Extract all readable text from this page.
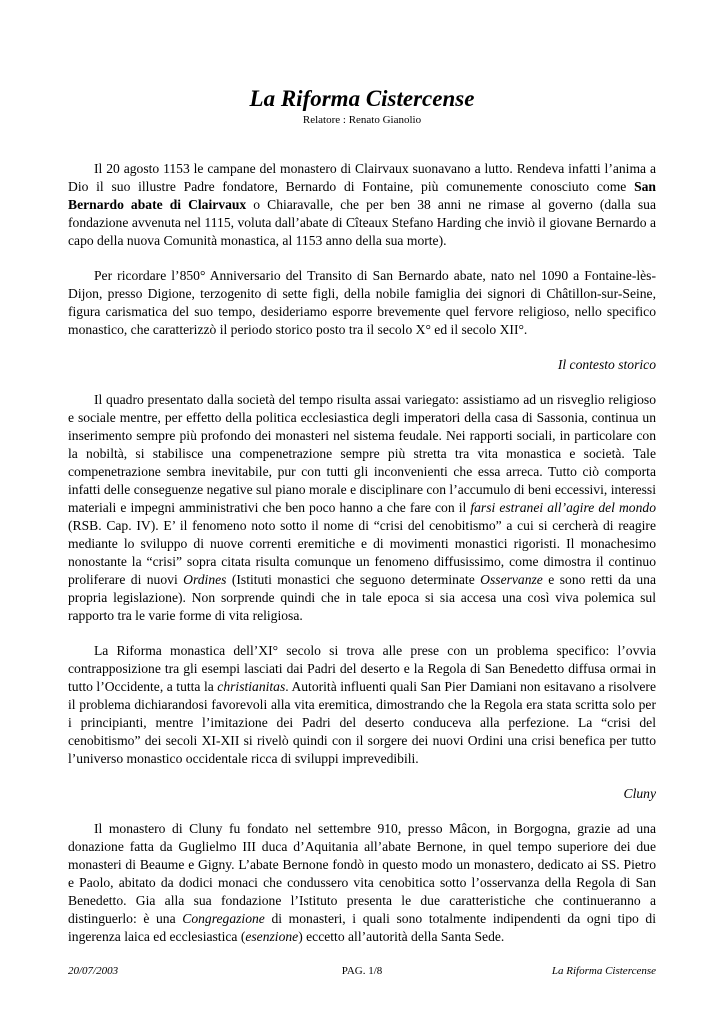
La Riforma Cistercense
Relatore : Renato Gianolio

Il 20 agosto 1153 le campane del monastero di Clairvaux suonavano a lutto. Rendeva infatti l’anima a Dio il suo illustre Padre fondatore, Bernardo di Fontaine, più comunemente conosciuto come San Bernardo abate di Clairvaux o Chiaravalle, che per ben 38 anni ne rimase al governo (dalla sua fondazione avvenuta nel 1115, voluta dall’abate di Cîteaux Stefano Harding che inviò il giovane Bernardo a capo della nuova Comunità monastica, al 1153 anno della sua morte).

Per ricordare l’850° Anniversario del Transito di San Bernardo abate, nato nel 1090 a Fontaine-lès-Dijon, presso Digione, terzogenito di sette figli, della nobile famiglia dei signori di Châtillon-sur-Seine, figura carismatica del suo tempo, desideriamo esporre brevemente quel fervore religioso, nello specifico monastico, che caratterizzò il periodo storico posto tra il secolo X° ed il secolo XII°.

Il contesto storico

Il quadro presentato dalla società del tempo risulta assai variegato: assistiamo ad un risveglio religioso e sociale mentre, per effetto della politica ecclesiastica degli imperatori della casa di Sassonia, continua un inserimento sempre più profondo dei monasteri nel sistema feudale. Nei rapporti sociali, in particolare con la nobiltà, si stabilisce una compenetrazione sempre più stretta tra vita monastica e società. Tale compenetrazione sembra inevitabile, pur con tutti gli inconvenienti che essa arreca. Tutto ciò comporta infatti delle conseguenze negative sul piano morale e disciplinare con l’accumulo di beni eccessivi, interessi materiali e impegni amministrativi che ben poco hanno a che fare con il farsi estranei all’agire del mondo (RSB. Cap. IV). E’ il fenomeno noto sotto il nome di “crisi del cenobitismo” a cui si cercherà di reagire mediante lo sviluppo di nuove correnti eremitiche e di movimenti monastici rigoristi. Il monachesimo nonostante la “crisi” sopra citata risulta comunque un fenomeno diffusissimo, come dimostra il continuo proliferare di nuovi Ordines (Istituti monastici che seguono determinate Osservanze e sono retti da una propria legislazione). Non sorprende quindi che in tale epoca si sia accesa una così viva polemica sul rapporto tra le varie forme di vita religiosa.

La Riforma monastica dell’XI° secolo si trova alle prese con un problema specifico: l’ovvia contrapposizione tra gli esempi lasciati dai Padri del deserto e la Regola di San Benedetto diffusa ormai in tutto l’Occidente, a tutta la christianitas. Autorità influenti quali San Pier Damiani non esitavano a risolvere il problema dichiarandosi favorevoli alla vita eremitica, dimostrando che la Regola era stata scritta solo per i principianti, mentre l’imitazione dei Padri del deserto conduceva alla perfezione. La “crisi del cenobitismo” dei secoli XI-XII si rivelò quindi con il sorgere dei nuovi Ordini una crisi benefica per tutto l’universo monastico occidentale ricca di sviluppi imprevedibili.

Cluny

Il monastero di Cluny fu fondato nel settembre 910, presso Mâcon, in Borgogna, grazie ad una donazione fatta da Guglielmo III duca d’Aquitania all’abate Bernone, in quel tempo superiore dei due monasteri di Beaume e Gigny. L’abate Bernone fondò in questo modo un monastero, dedicato ai SS. Pietro e Paolo, abitato da dodici monaci che condussero vita cenobitica sotto l’osservanza della Regola di San Benedetto. Gia alla sua fondazione l’Istituto presenta le due caratteristiche che continueranno a distinguerlo: è una Congregazione di monasteri, i quali sono totalmente indipendenti da ogni tipo di ingerenza laica ed ecclesiastica (esenzione) eccetto all’autorità della Santa Sede.

20/07/2003	PAG. 1/8	La Riforma Cistercense
